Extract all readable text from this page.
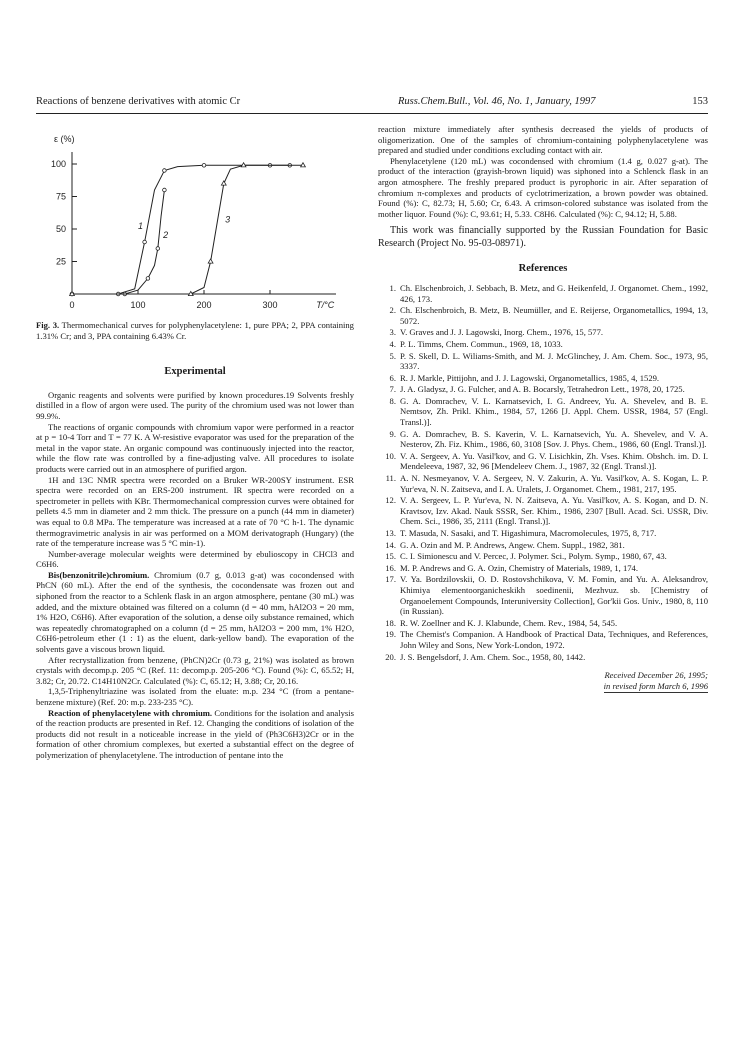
Reactions of benzene derivatives with atomic Cr	Russ.Chem.Bull., Vol. 46, No. 1, January, 1997	153
100
75
50
25
0	100	200	300
ε (%)
T/°C
1
2
3
Fig. 3. Thermomechanical curves for polyphenylacetylene: 1, pure PPA; 2, PPA containing 1.31% Cr; and 3, PPA containing 6.43% Cr.
Experimental

Organic reagents and solvents were purified by known procedures.19 Solvents freshly distilled in a flow of argon were used. The purity of the chromium used was not lower than 99.9%.

The reactions of organic compounds with chromium vapor were performed in a reactor at p = 10-4 Torr and T = 77 K. A W-resistive evaporator was used for the preparation of the metal in the vapor state. An organic compound was continuously injected into the reactor, while the flow rate was controlled by a fine-adjusting valve. All procedures to isolate products were carried out in an atmosphere of purified argon.

1H and 13C NMR spectra were recorded on a Bruker WR-200SY instrument. ESR spectra were recorded on an ERS-200 instrument. IR spectra were recorded on a spectrometer in pellets with KBr. Thermomechanical compression curves were obtained for pellets 4.5 mm in diameter and 2 mm thick. The pressure on a punch (44 mm in diameter) was equal to 0.8 MPa. The temperature was increased at a rate of 70 °C h-1. The dynamic thermogravimetric analysis in air was performed on a MOM derivatograph (Hungary) (the rate of the temperature increase was 5 °C min-1).

Number-average molecular weights were determined by ebulioscopy in CHCl3 and C6H6.

Bis(benzonitrile)chromium. Chromium (0.7 g, 0.013 g-at) was cocondensed with PhCN (60 mL). After the end of the synthesis, the cocondensate was frozen out and siphoned from the reactor to a Schlenk flask in an argon atmosphere, pentane (30 mL) was added, and the mixture obtained was filtered on a column (d = 40 mm, hAl2O3 = 20 mm, 1% H2O, C6H6). After evaporation of the solution, a dense oily substance remained, which was repeatedly chromatographed on a column (d = 25 mm, hAl2O3 = 200 mm, 1% H2O, C6H6-petroleum ether (1 : 1) as the eluent, dark-yellow band). The evaporation of the solvents gave a viscous brown liquid.

After recrystallization from benzene, (PhCN)2Cr (0.73 g, 21%) was isolated as brown crystals with decomp.p. 205 °C (Ref. 11: decomp.p. 205-206 °C). Found (%): C, 65.52; H, 3.82; Cr, 20.72. C14H10N2Cr. Calculated (%): C, 65.12; H, 3.88; Cr, 20.16.

1,3,5-Triphenyltriazine was isolated from the eluate: m.p. 234 °C (from a pentane-benzene mixture) (Ref. 20: m.p. 233-235 °C).

Reaction of phenylacetylene with chromium. Conditions for the isolation and analysis of the reaction products are presented in Ref. 12. Changing the conditions of isolation of the products did not result in a noticeable increase in the yield of (Ph3C6H3)2Cr or in the formation of other chromium complexes, but exerted a substantial effect on the degree of polymerization of phenylacetylene. The introduction of pentane into the

reaction mixture immediately after synthesis decreased the yields of products of oligomerization. One of the samples of chromium-containing polyphenylacetylene was prepared and studied under conditions excluding contact with air.

Phenylacetylene (120 mL) was cocondensed with chromium (1.4 g, 0.027 g-at). The product of the interaction (grayish-brown liquid) was siphoned into a Schlenck flask in an argon atmosphere. The freshly prepared product is pyrophoric in air. After separation of chromium π-complexes and products of cyclotrimerization, a brown powder was obtained. Found (%): C, 82.73; H, 5.60; Cr, 6.43. A crimson-colored substance was isolated from the mother liquor. Found (%): C, 93.61; H, 5.33. C8H6. Calculated (%): C, 94.12; H, 5.88.

This work was financially supported by the Russian Foundation for Basic Research (Project No. 95-03-08971).

References
1. Ch. Elschenbroich, J. Sebbach, B. Metz, and G. Heikenfeld, J. Organomet. Chem., 1992, 426, 173.
2. Ch. Elschenbroich, B. Metz, B. Neumüller, and E. Reijerse, Organometallics, 1994, 13, 5072.
3. V. Graves and J. J. Lagowski, Inorg. Chem., 1976, 15, 577.
4. P. L. Timms, Chem. Commun., 1969, 18, 1033.
5. P. S. Skell, D. L. Wiliams-Smith, and M. J. McGlinchey, J. Am. Chem. Soc., 1973, 95, 3337.
6. R. J. Markle, Pittijohn, and J. J. Lagowski, Organometallics, 1985, 4, 1529.
7. J. A. Gladysz, J. G. Fulcher, and A. B. Bocarsly, Tetrahedron Lett., 1978, 20, 1725.
8. G. A. Domrachev, V. L. Karnatsevich, I. G. Andreev, Yu. A. Shevelev, and B. E. Nemtsov, Zh. Prikl. Khim., 1984, 57, 1266 [J. Appl. Chem. USSR, 1984, 57 (Engl. Transl.)].
9. G. A. Domrachev, B. S. Kaverin, V. L. Karnatsevich, Yu. A. Shevelev, and V. A. Nesterov, Zh. Fiz. Khim., 1986, 60, 3108 [Sov. J. Phys. Chem., 1986, 60 (Engl. Transl.)].
10. V. A. Sergeev, A. Yu. Vasil'kov, and G. V. Lisichkin, Zh. Vses. Khim. Obshch. im. D. I. Mendeleeva, 1987, 32, 96 [Mendeleev Chem. J., 1987, 32 (Engl. Transl.)].
11. A. N. Nesmeyanov, V. A. Sergeev, N. V. Zakurin, A. Yu. Vasil'kov, A. S. Kogan, L. P. Yur'eva, N. N. Zaitseva, and I. A. Uralets, J. Organomet. Chem., 1981, 217, 195.
12. V. A. Sergeev, L. P. Yur'eva, N. N. Zaitseva, A. Yu. Vasil'kov, A. S. Kogan, and D. N. Kravtsov, Izv. Akad. Nauk SSSR, Ser. Khim., 1986, 2307 [Bull. Acad. Sci. USSR, Div. Chem. Sci., 1986, 35, 2111 (Engl. Transl.)].
13. T. Masuda, N. Sasaki, and T. Higashimura, Macromolecules, 1975, 8, 717.
14. G. A. Ozin and M. P. Andrews, Angew. Chem. Suppl., 1982, 381.
15. C. I. Simionescu and V. Percec, J. Polymer. Sci., Polym. Symp., 1980, 67, 43.
16. M. P. Andrews and G. A. Ozin, Chemistry of Materials, 1989, 1, 174.
17. V. Ya. Bordzilovskii, O. D. Rostovshchikova, V. M. Fomin, and Yu. A. Aleksandrov, Khimiya elementoorganicheskikh soedinenii, Mezhvuz. sb. [Chemistry of Organoelement Compounds, Interuniversity Collection], Gor'kii Gos. Univ., 1980, 8, 110 (in Russian).
18. R. W. Zoellner and K. J. Klabunde, Chem. Rev., 1984, 54, 545.
19. The Chemist's Companion. A Handbook of Practical Data, Techniques, and References, John Wiley and Sons, New York-London, 1972.
20. J. S. Bengelsdorf, J. Am. Chem. Soc., 1958, 80, 1442.
Received December 26, 1995;
in revised form March 6, 1996
